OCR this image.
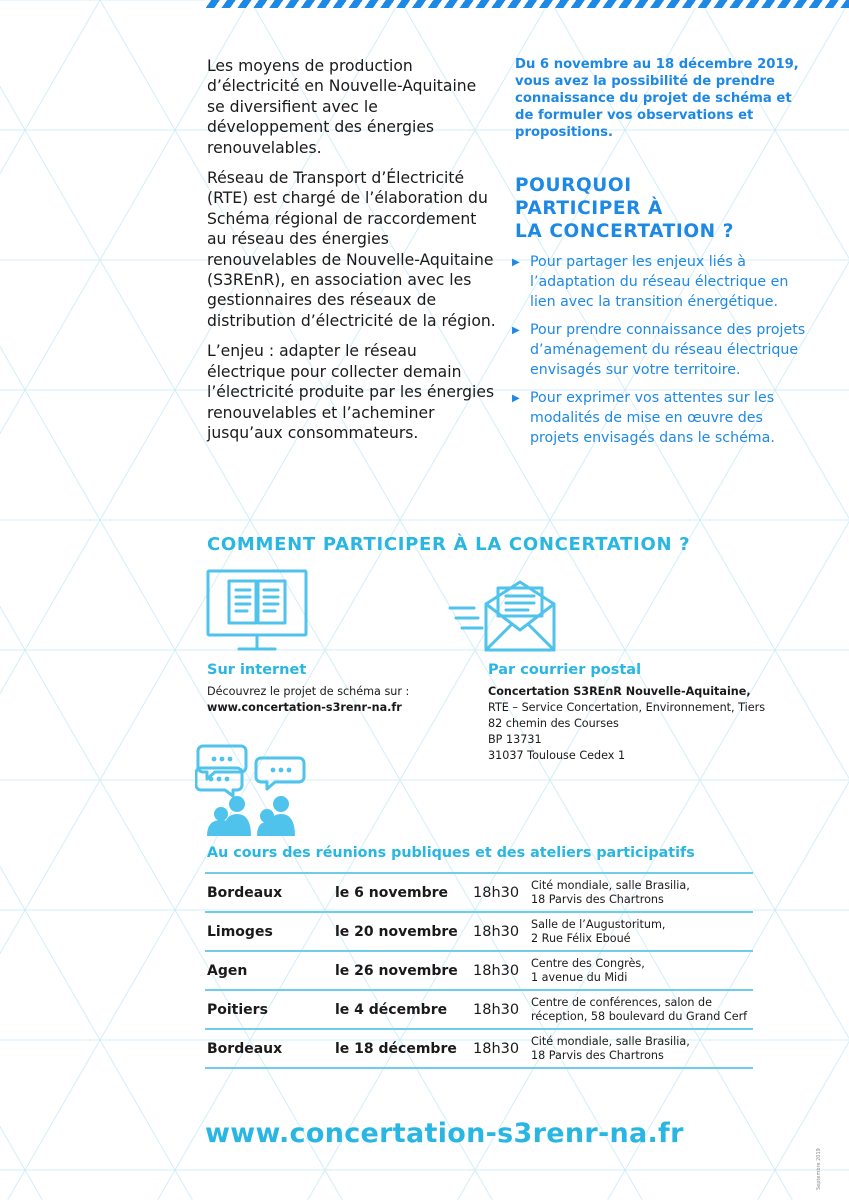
Les moyens de production d’électricité en Nouvelle-Aquitaine se diversifient avec le développement des énergies renouvelables.

Réseau de Transport d’Électricité (RTE) est chargé de l’élaboration du Schéma régional de raccordement au réseau des énergies renouvelables de Nouvelle-Aquitaine (S3REnR), en association avec les gestionnaires des réseaux de distribution d’électricité de la région.

L’enjeu : adapter le réseau électrique pour collecter demain l’électricité produite par les énergies renouvelables et l’acheminer jusqu’aux consommateurs.

Du 6 novembre au 18 décembre 2019, vous avez la possibilité de prendre connaissance du projet de schéma et de formuler vos observations et propositions.
POURQUOI
PARTICIPER À
LA CONCERTATION ?
▶ Pour partager les enjeux liés à l’adaptation du réseau électrique en lien avec la transition énergétique.
▶ Pour prendre connaissance des projets d’aménagement du réseau électrique envisagés sur votre territoire.
▶ Pour exprimer vos attentes sur les modalités de mise en œuvre des projets envisagés dans le schéma.
COMMENT PARTICIPER À LA CONCERTATION ?
Sur internet
Découvrez le projet de schéma sur :
www.concertation-s3renr-na.fr
Par courrier postal
Concertation S3REnR Nouvelle-Aquitaine,
RTE – Service Concertation, Environnement, Tiers
82 chemin des Courses
BP 13731
31037 Toulouse Cedex 1
Au cours des réunions publiques et des ateliers participatifs
Bordeaux	le 6 novembre	18h30	Cité mondiale, salle Brasilia,
18 Parvis des Chartrons

Limoges	le 20 novembre	18h30	Salle de l’Augustoritum,
2 Rue Félix Eboué

Agen	le 26 novembre	18h30	Centre des Congrès,
1 avenue du Midi

Poitiers	le 4 décembre	18h30	Centre de conférences, salon de
réception, 58 boulevard du Grand Cerf

Bordeaux	le 18 décembre	18h30	Cité mondiale, salle Brasilia,
18 Parvis des Chartrons
www.concertation-s3renr-na.fr
Septembre 2019
